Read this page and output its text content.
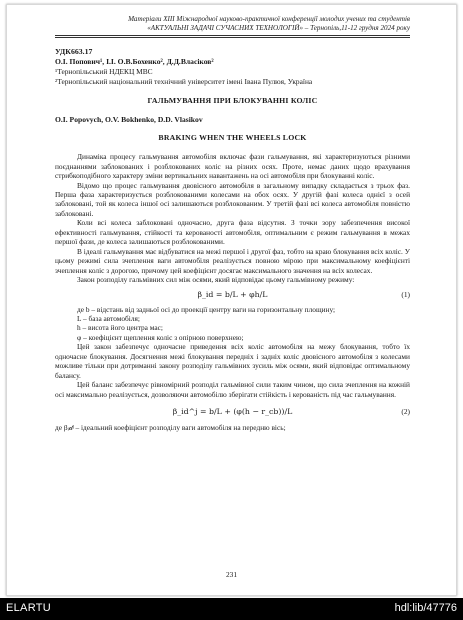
Матеріали XIII Міжнародної науково-практичної конференції молодих учених та студентів
«АКТУАЛЬНІ ЗАДАЧІ СУЧАСНИХ ТЕХНОЛОГІЙ» – Тернопіль,11-12 грудня 2024 року
УДК663.17
О.І. Попович¹, І.І. О.В.Бохенко², Д.Д.Власіков²
¹Тернопільський НДЕКЦ МВС
²Тернопільський національний технічний університет імені Івана Пулюя, Україна
ГАЛЬМУВАННЯ ПРИ БЛОКУВАННІ КОЛІС
O.I. Popovych, O.V. Bokhenko, D.D. Vlasikov
BRAKING WHEN THE WHEELS LOCK

Динаміка процесу гальмування автомобіля включає фази гальмування, які характеризуються різними поєднаннями заблокованих і розблокованих коліс на різних осях. Проте, немає даних щодо врахування стрибкоподібного характеру зміни вертикальних навантажень на осі автомобіля при блокуванні коліс.

Відомо що процес гальмування двовісного автомобіля в загальному випадку складається з трьох фаз. Перша фаза характеризується розблокованими колесами на обох осях. У другій фазі колеса однієї з осей заблоковані, той як колеса іншої осі залишаються розблокованим. У третій фазі всі колеса автомобіля повністю заблоковані.

Коли всі колеса заблоковані одночасно, друга фаза відсутня. З точки зору забезпечення високої ефективності гальмування, стійкості та керованості автомобіля, оптимальним є режим гальмування в межах першої фази, де колеса залишаються розблокованими.

В ідеалі гальмування має відбуватися на межі першої і другої фаз, тобто на краю блокування всіх коліс. У цьому режимі сила зчеплення ваги автомобіля реалізується повною мірою при максимальному коефіцієнті зчеплення коліс з дорогою, причому цей коефіцієнт досягає максимального значення на всіх колесах.

Закон розподілу гальмівних сил між осями, який відповідає цьому гальмівному режиму:

β_id = b/L + φh/L	(1)

де b – відстань від задньої осі до проекції центру ваги на горизонтальну площину;

L – база автомобіля;
h – висота його центра мас;
φ – коефіцієнт щеплення коліс з опірною поверхнею;

Цей закон забезпечує одночасне приведення всіх коліс автомобіля на межу блокування, тобто їх одночасне блокування. Досягнення межі блокування передніх і задніх коліс двовісного автомобіля з колесами можливе тільки при дотриманні закону розподілу гальмівних зусиль між осями, який відповідає оптимальному балансу.

Цей баланс забезпечує рівномірний розподіл гальмівної сили таким чином, що сила зчеплення на кожній осі максимально реалізується, дозволяючи автомобілю зберігати стійкість і керованість під час гальмування.

β_id^j = b/L + (φ(h − r_cb))/L	(2)

де βᵢ𝒹ʲ – ідеальний коефіцієнт розподілу ваги автомобіля на передню вісь;

231
ELARTU	hdl:lib/47776
